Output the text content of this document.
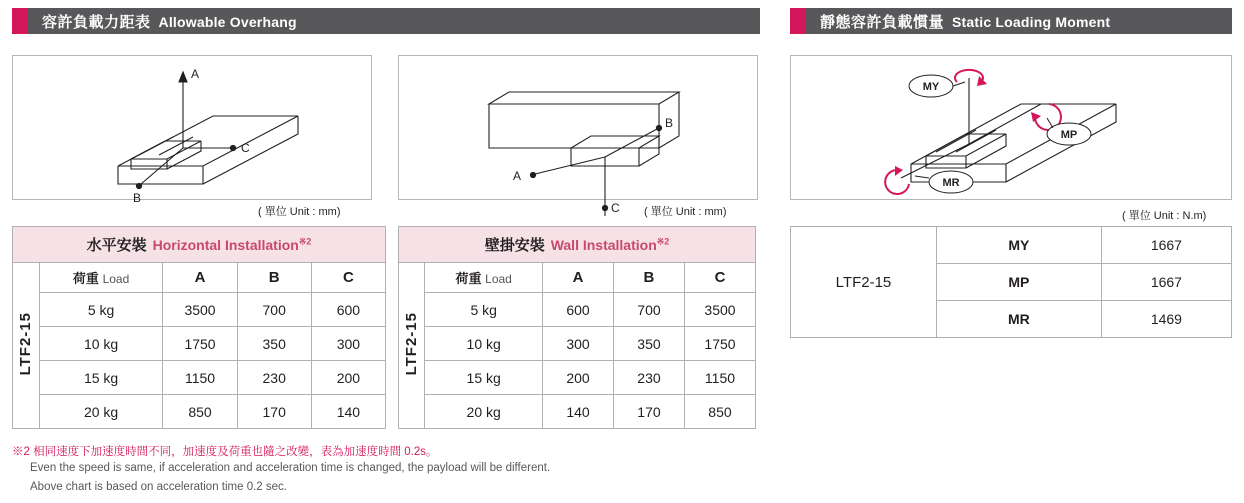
容許負載力距表 Allowable Overhang	靜態容許負載慣量 Static Loading Moment
A
C
B
( 單位 Unit : mm)
A
B
C ( 單位 Unit : mm)
MY
MP
MR
( 單位 Unit : N.m)
水平安裝 Horizontal Installation$^{※2}$
LTF2-15	荷重 Load	A	B	C
	5 kg	3500	700	600
	10 kg	1750	350	300
	15 kg	1150	230	200
	20 kg	850	170	140
壁掛安裝 Wall Installation$^{※2}$
LTF2-15	荷重 Load	A	B	C
	5 kg	600	700	3500
	10 kg	300	350	1750
	15 kg	200	230	1150
	20 kg	140	170	850
LTF2-15	MY	1667
	MP	1667
	MR	1469
※2 相同速度下加速度時間不同，加速度及荷重也隨之改變，表為加速度時間 0.2s。
Even the speed is same, if acceleration and acceleration time is changed, the payload will be different.
Above chart is based on acceleration time 0.2 sec.
